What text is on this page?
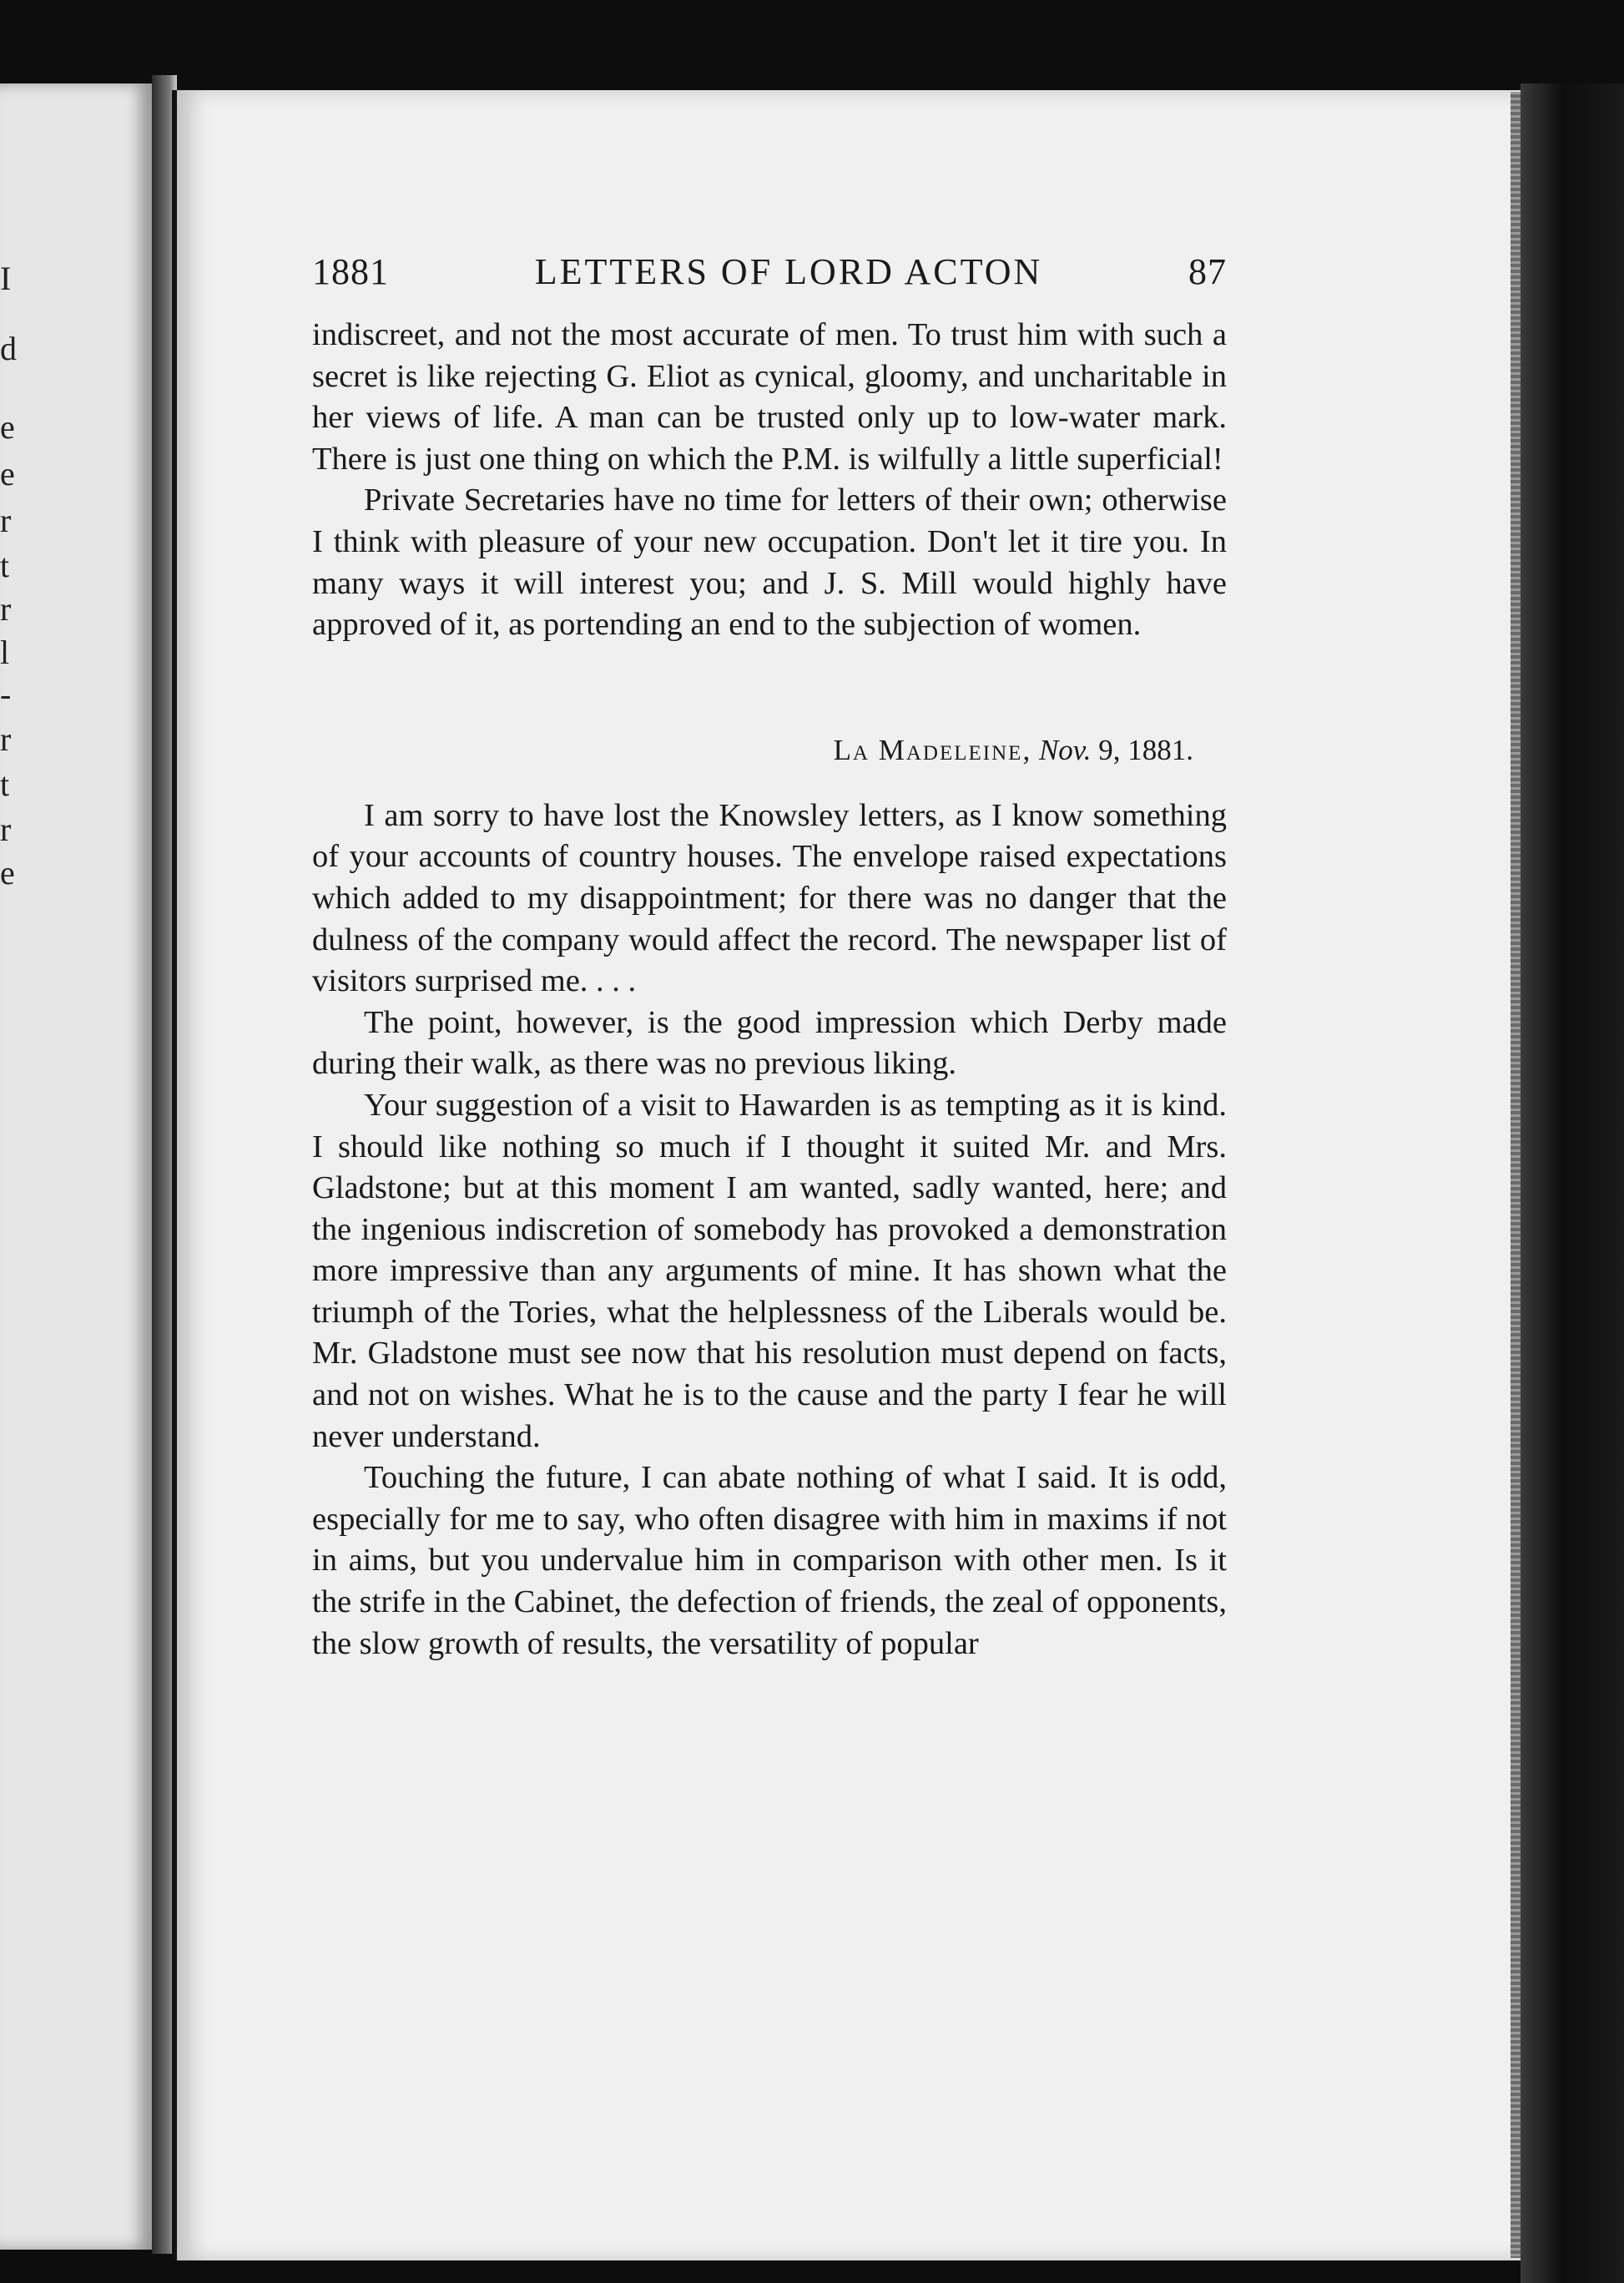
I
d
e
e
r
t
r
l
-
r
t
r
e
1881	LETTERS OF LORD ACTON	87

indiscreet, and not the most accurate of men. To trust him with such a secret is like rejecting G. Eliot as cynical, gloomy, and uncharitable in her views of life. A man can be trusted only up to low-water mark. There is just one thing on which the P.M. is wilfully a little superficial!

Private Secretaries have no time for letters of their own; otherwise I think with pleasure of your new occupation. Don't let it tire you. In many ways it will interest you; and J. S. Mill would highly have approved of it, as portending an end to the subjection of women.

La Madeleine, Nov. 9, 1881.

I am sorry to have lost the Knowsley letters, as I know something of your accounts of country houses. The envelope raised expectations which added to my disappointment; for there was no danger that the dulness of the company would affect the record. The newspaper list of visitors surprised me. . . .

The point, however, is the good impression which Derby made during their walk, as there was no previous liking.

Your suggestion of a visit to Hawarden is as tempting as it is kind. I should like nothing so much if I thought it suited Mr. and Mrs. Gladstone; but at this moment I am wanted, sadly wanted, here; and the ingenious indiscretion of somebody has provoked a demonstration more impressive than any arguments of mine. It has shown what the triumph of the Tories, what the helplessness of the Liberals would be. Mr. Gladstone must see now that his resolution must depend on facts, and not on wishes. What he is to the cause and the party I fear he will never understand.

Touching the future, I can abate nothing of what I said. It is odd, especially for me to say, who often disagree with him in maxims if not in aims, but you undervalue him in comparison with other men. Is it the strife in the Cabinet, the defection of friends, the zeal of opponents, the slow growth of results, the versatility of popular
